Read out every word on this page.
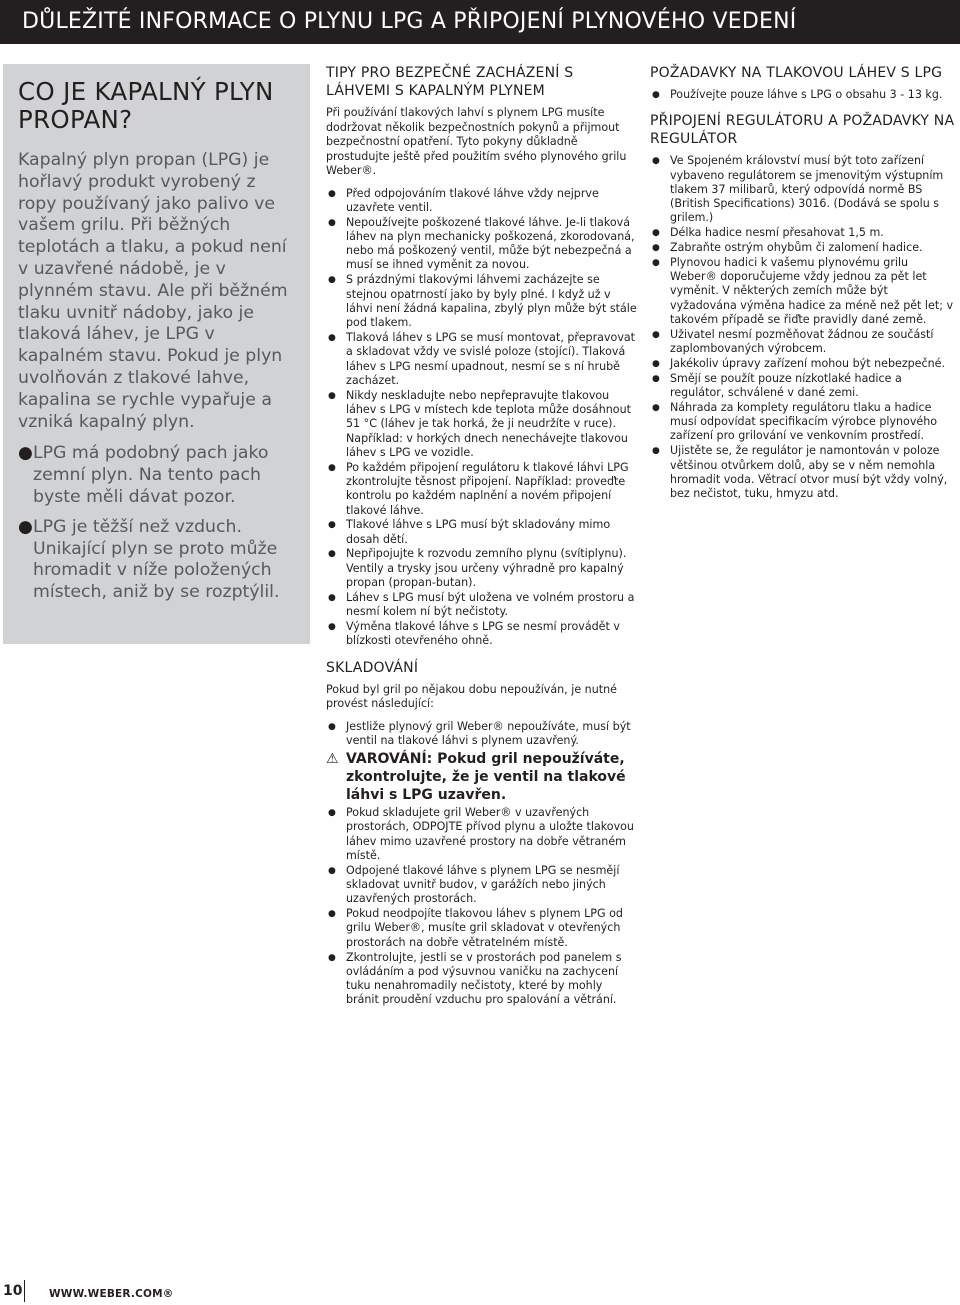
DŮLEŽITÉ INFORMACE O PLYNU LPG A PŘIPOJENÍ PLYNOVÉHO VEDENÍ
CO JE KAPALNÝ PLYN PROPAN?

Kapalný plyn propan (LPG) je hořlavý produkt vyrobený z ropy používaný jako palivo ve vašem grilu. Při běžných teplotách a tlaku, a pokud není v uzavřené nádobě, je v plynném stavu. Ale při běžném tlaku uvnitř nádoby, jako je tlaková láhev, je LPG v kapalném stavu. Pokud je plyn uvolňován z tlakové lahve, kapalina se rychle vypařuje a vzniká kapalný plyn.

● LPG má podobný pach jako zemní plyn. Na tento pach byste měli dávat pozor.
● LPG je těžší než vzduch. Unikající plyn se proto může hromadit v níže položených místech, aniž by se rozptýlil.
TIPY PRO BEZPEČNÉ ZACHÁZENÍ S LÁHVEMI S KAPALNÝM PLYNEM

Při používání tlakových lahví s plynem LPG musíte dodržovat několik bezpečnostních pokynů a přijmout bezpečnostní opatření. Tyto pokyny důkladně prostudujte ještě před použitím svého plynového grilu Weber®.

● Před odpojováním tlakové láhve vždy nejprve uzavřete ventil.
● Nepoužívejte poškozené tlakové láhve. Je-li tlaková láhev na plyn mechanicky poškozená, zkorodovaná, nebo má poškozený ventil, může být nebezpečná a musí se ihned vyměnit za novou.
● S prázdnými tlakovými láhvemi zacházejte se stejnou opatrností jako by byly plné. I když už v láhvi není žádná kapalina, zbylý plyn může být stále pod tlakem.
● Tlaková láhev s LPG se musí montovat, přepravovat a skladovat vždy ve svislé poloze (stojící). Tlaková láhev s LPG nesmí upadnout, nesmí se s ní hrubě zacházet.
● Nikdy neskladujte nebo nepřepravujte tlakovou láhev s LPG v místech kde teplota může dosáhnout 51 °C (láhev je tak horká, že ji neudržíte v ruce). Například: v horkých dnech nenechávejte tlakovou láhev s LPG ve vozidle.
● Po každém připojení regulátoru k tlakové láhvi LPG zkontrolujte těsnost připojení. Například: proveďte kontrolu po každém naplnění a novém připojení tlakové láhve.
● Tlakové láhve s LPG musí být skladovány mimo dosah dětí.
● Nepřipojujte k rozvodu zemního plynu (svítiplynu). Ventily a trysky jsou určeny výhradně pro kapalný propan (propan-butan).
● Láhev s LPG musí být uložena ve volném prostoru a nesmí kolem ní být nečistoty.
● Výměna tlakové láhve s LPG se nesmí provádět v blízkosti otevřeného ohně.
SKLADOVÁNÍ

Pokud byl gril po nějakou dobu nepoužíván, je nutné provést následující:

● Jestliže plynový gril Weber® nepoužíváte, musí být ventil na tlakové láhvi s plynem uzavřený.
⚠ VAROVÁNÍ: Pokud gril nepoužíváte, zkontrolujte, že je ventil na tlakové láhvi s LPG uzavřen.
● Pokud skladujete gril Weber® v uzavřených prostorách, ODPOJTE přívod plynu a uložte tlakovou láhev mimo uzavřené prostory na dobře větraném místě.
● Odpojené tlakové láhve s plynem LPG se nesmějí skladovat uvnitř budov, v garážích nebo jiných uzavřených prostorách.
● Pokud neodpojíte tlakovou láhev s plynem LPG od grilu Weber®, musíte gril skladovat v otevřených prostorách na dobře větratelném místě.
● Zkontrolujte, jestli se v prostorách pod panelem s ovládáním a pod výsuvnou vaničku na zachycení tuku nenahromadily nečistoty, které by mohly bránit proudění vzduchu pro spalování a větrání.
POŽADAVKY NA TLAKOVOU LÁHEV S LPG
● Používejte pouze láhve s LPG o obsahu 3 - 13 kg.
PŘIPOJENÍ REGULÁTORU A POŽADAVKY NA REGULÁTOR
● Ve Spojeném království musí být toto zařízení vybaveno regulátorem se jmenovitým výstupním tlakem 37 milibarů, který odpovídá normě BS (British Specifications) 3016. (Dodává se spolu s grilem.)
● Délka hadice nesmí přesahovat 1,5 m.
● Zabraňte ostrým ohybům či zalomení hadice.
● Plynovou hadici k vašemu plynovému grilu Weber® doporučujeme vždy jednou za pět let vyměnit. V některých zemích může být vyžadována výměna hadice za méně než pět let; v takovém případě se řiďte pravidly dané země.
● Uživatel nesmí pozměňovat žádnou ze součástí zaplombovaných výrobcem.
● Jakékoliv úpravy zařízení mohou být nebezpečné.
● Smějí se použít pouze nízkotlaké hadice a regulátor, schválené v dané zemi.
● Náhrada za komplety regulátoru tlaku a hadice musí odpovídat specifikacím výrobce plynového zařízení pro grilování ve venkovním prostředí.
● Ujistěte se, že regulátor je namontován v poloze většinou otvůrkem dolů, aby se v něm nemohla hromadit voda. Větrací otvor musí být vždy volný, bez nečistot, tuku, hmyzu atd.
10	WWW.WEBER.COM®
